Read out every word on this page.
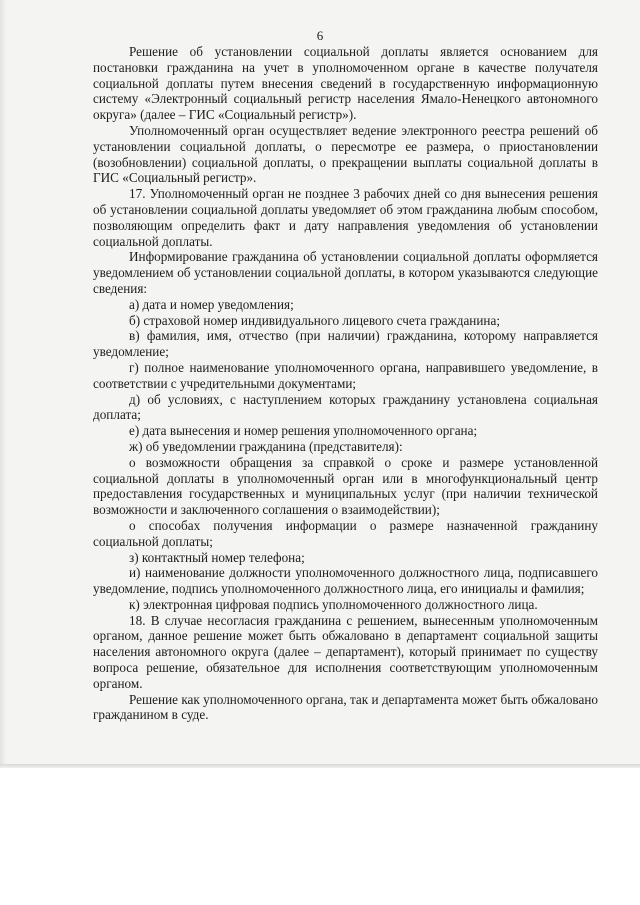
6

Решение об установлении социальной доплаты является основанием для постановки гражданина на учет в уполномоченном органе в качестве получателя социальной доплаты путем внесения сведений в государственную информационную систему «Электронный социальный регистр населения Ямало-Ненецкого автономного округа» (далее – ГИС «Социальный регистр»).

Уполномоченный орган осуществляет ведение электронного реестра решений об установлении социальной доплаты, о пересмотре ее размера, о приостановлении (возобновлении) социальной доплаты, о прекращении выплаты социальной доплаты в ГИС «Социальный регистр».

17. Уполномоченный орган не позднее 3 рабочих дней со дня вынесения решения об установлении социальной доплаты уведомляет об этом гражданина любым способом, позволяющим определить факт и дату направления уведомления об установлении социальной доплаты.

Информирование гражданина об установлении социальной доплаты оформляется уведомлением об установлении социальной доплаты, в котором указываются следующие сведения:

а) дата и номер уведомления;

б) страховой номер индивидуального лицевого счета гражданина;

в) фамилия, имя, отчество (при наличии) гражданина, которому направляется уведомление;

г) полное наименование уполномоченного органа, направившего уведомление, в соответствии с учредительными документами;

д) об условиях, с наступлением которых гражданину установлена социальная доплата;

е) дата вынесения и номер решения уполномоченного органа;

ж) об уведомлении гражданина (представителя):

о возможности обращения за справкой о сроке и размере установленной социальной доплаты в уполномоченный орган или в многофункциональный центр предоставления государственных и муниципальных услуг (при наличии технической возможности и заключенного соглашения о взаимодействии);

о способах получения информации о размере назначенной гражданину социальной доплаты;

з) контактный номер телефона;

и) наименование должности уполномоченного должностного лица, подписавшего уведомление, подпись уполномоченного должностного лица, его инициалы и фамилия;

к) электронная цифровая подпись уполномоченного должностного лица.

18. В случае несогласия гражданина с решением, вынесенным уполномоченным органом, данное решение может быть обжаловано в департамент социальной защиты населения автономного округа (далее – департамент), который принимает по существу вопроса решение, обязательное для исполнения соответствующим уполномоченным органом.

Решение как уполномоченного органа, так и департамента может быть обжаловано гражданином в суде.
